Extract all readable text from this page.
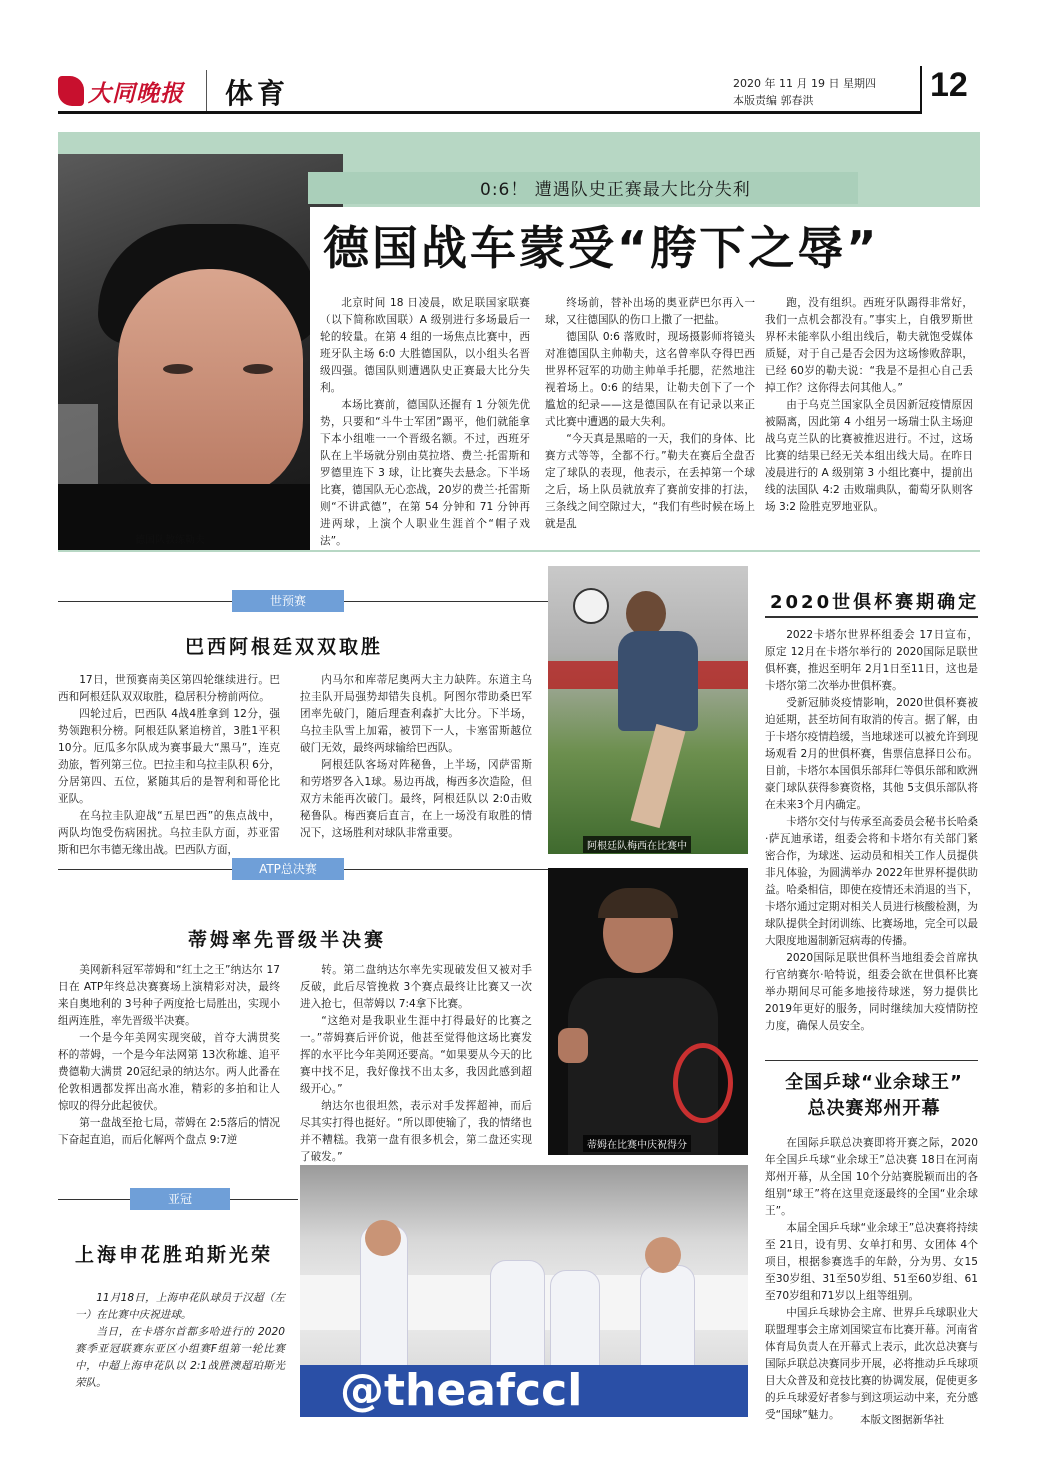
大同晚报 体育	2020 年 11 月 19 日 星期四
本版责编 郭春洪	12
德国队教练勒夫
0:6！ 遭遇队史正赛最大比分失利
德国战车蒙受“胯下之辱”

北京时间 18 日凌晨，欧足联国家联赛（以下简称欧国联）A 级别进行多场最后一轮的较量。在第 4 组的一场焦点比赛中，西班牙队主场 6:0 大胜德国队，以小组头名晋级四强。德国队则遭遇队史正赛最大比分失利。

本场比赛前，德国队还握有 1 分领先优势，只要和“斗牛士军团”踢平，他们就能拿下本小组唯一一个晋级名额。不过，西班牙队在上半场就分别由莫拉塔、费兰·托雷斯和罗德里连下 3 球，让比赛失去悬念。下半场比赛，德国队无心恋战，20岁的费兰·托雷斯则“不讲武德”，在第 54 分钟和 71 分钟再进两球，上演个人职业生涯首个“帽子戏法”。

终场前，替补出场的奥亚萨巴尔再入一球，又往德国队的伤口上撒了一把盐。

德国队 0:6 落败时，现场摄影师将镜头对准德国队主帅勒夫，这名曾率队夺得巴西世界杯冠军的功勋主帅单手托腮，茫然地注视着场上。0:6 的结果，让勒夫创下了一个尴尬的纪录——这是德国队在有记录以来正式比赛中遭遇的最大失利。

“今天真是黑暗的一天，我们的身体、比赛方式等等，全都不行。”勒夫在赛后全盘否定了球队的表现，他表示，在丢掉第一个球之后，场上队员就放弃了赛前安排的打法，三条线之间空隙过大，“我们有些时候在场上就是乱

跑，没有组织。西班牙队踢得非常好，我们一点机会都没有。”事实上，自俄罗斯世界杯未能率队小组出线后，勒夫就饱受媒体质疑，对于自己是否会因为这场惨败辞职，已经 60岁的勒夫说：“我是不是担心自己丢掉工作？这你得去问其他人。”

由于乌克兰国家队全员因新冠疫情原因被隔离，因此第 4 小组另一场瑞士队主场迎战乌克兰队的比赛被推迟进行。不过，这场比赛的结果已经无关本组出线大局。在昨日凌晨进行的 A 级别第 3 小组比赛中，提前出线的法国队 4:2 击败瑞典队，葡萄牙队则客场 3:2 险胜克罗地亚队。

世预赛
巴西阿根廷双双取胜

17日，世预赛南美区第四轮继续进行。巴西和阿根廷队双双取胜，稳居积分榜前两位。

四轮过后，巴西队 4战4胜拿到 12分，强势领跑积分榜。阿根廷队紧追榜首，3胜1平积 10分。厄瓜多尔队成为赛事最大“黑马”，连克劲旅，暂列第三位。巴拉圭和乌拉圭队积 6分，分居第四、五位，紧随其后的是智利和哥伦比亚队。

在乌拉圭队迎战“五星巴西”的焦点战中，两队均饱受伤病困扰。乌拉圭队方面，苏亚雷斯和巴尔韦德无缘出战。巴西队方面，

内马尔和库蒂尼奥两大主力缺阵。东道主乌拉圭队开局强势却错失良机。阿图尔带助桑巴军团率先破门，随后理查利森扩大比分。下半场，乌拉圭队雪上加霜，被罚下一人，卡塞雷斯越位破门无效，最终两球输给巴西队。

阿根廷队客场对阵秘鲁，上半场，冈萨雷斯和劳塔罗各入1球。易边再战，梅西多次造险，但双方未能再次破门。最终，阿根廷队以 2:0击败秘鲁队。梅西赛后直言，在上一场没有取胜的情况下，这场胜利对球队非常重要。

阿根廷队梅西在比赛中
ATP总决赛
蒂姆率先晋级半决赛

美网新科冠军蒂姆和“红土之王”纳达尔 17日在 ATP年终总决赛赛场上演精彩对决，最终来自奥地利的 3号种子两度抢七局胜出，实现小组两连胜，率先晋级半决赛。

一个是今年美网实现突破，首夺大满贯奖杯的蒂姆，一个是今年法网第 13次称雄、追平费德勒大满贯 20冠纪录的纳达尔。两人此番在伦敦相遇都发挥出高水准，精彩的多拍和让人惊叹的得分此起彼伏。

第一盘战至抢七局，蒂姆在 2:5落后的情况下奋起直追，而后化解两个盘点 9:7逆

转。第二盘纳达尔率先实现破发但又被对手反破，此后尽管挽救 3个赛点最终让比赛又一次进入抢七，但蒂姆以 7:4拿下比赛。

“这绝对是我职业生涯中打得最好的比赛之一。”蒂姆赛后评价说，他甚至觉得他这场比赛发挥的水平比今年美网还要高。“如果要从今天的比赛中找不足，我好像找不出太多，我因此感到超级开心。”

纳达尔也很坦然，表示对手发挥超神，而后尽其实打得也挺好。“所以即使输了，我的情绪也并不糟糕。我第一盘有很多机会，第二盘还实现了破发。”

蒂姆在比赛中庆祝得分
亚冠
上海申花胜珀斯光荣

11月18日，上海申花队球员于汉超（左一）在比赛中庆祝进球。

当日，在卡塔尔首都多哈进行的 2020赛季亚冠联赛东亚区小组赛F组第一轮比赛中，中超上海申花队以 2:1战胜澳超珀斯光荣队。	@theafccl
2020世俱杯赛期确定

2022卡塔尔世界杯组委会 17日宣布，原定 12月在卡塔尔举行的 2020国际足联世俱杯赛，推迟至明年 2月1日至11日，这也是卡塔尔第二次举办世俱杯赛。

受新冠肺炎疫情影响，2020世俱杯赛被迫延期，甚至坊间有取消的传言。据了解，由于卡塔尔疫情趋缓，当地球迷可以被允许到现场观看 2月的世俱杯赛，售票信息择日公布。目前，卡塔尔本国俱乐部拜仁等俱乐部和欧洲豪门球队获得参赛资格，其他 5支俱乐部队将在未来3个月内确定。

卡塔尔交付与传承至高委员会秘书长哈桑·萨瓦迪承诺，组委会将和卡塔尔有关部门紧密合作，为球迷、运动员和相关工作人员提供非凡体验，为圆满举办 2022年世界杯提供助益。哈桑相信，即使在疫情还未消退的当下，卡塔尔通过定期对相关人员进行核酸检测，为球队提供全封闭训练、比赛场地，完全可以最大限度地遏制新冠病毒的传播。

2020国际足联世俱杯当地组委会首席执行官纳赛尔·哈特说，组委会欲在世俱杯比赛举办期间尽可能多地接待球迷，努力提供比 2019年更好的服务，同时继续加大疫情防控力度，确保人员安全。

全国乒球“业余球王”
总决赛郑州开幕

在国际乒联总决赛即将开赛之际，2020年全国乒乓球“业余球王”总决赛 18日在河南郑州开幕，从全国 10个分站赛脱颖而出的各组别“球王”将在这里竞逐最终的全国“业余球王”。

本届全国乒乓球“业余球王”总决赛将持续至 21日，设有男、女单打和男、女团体 4个项目，根据参赛选手的年龄，分为男、女15至30岁组、31至50岁组、51至60岁组、61至70岁组和71岁以上组等组别。

中国乒乓球协会主席、世界乒乓球职业大联盟理事会主席刘国梁宣布比赛开幕。河南省体育局负责人在开幕式上表示，此次总决赛与国际乒联总决赛同步开展，必将推动乒乓球项目大众普及和竞技比赛的协调发展，促使更多的乒乓球爱好者参与到这项运动中来，充分感受“国球”魅力。	本版文图据新华社
